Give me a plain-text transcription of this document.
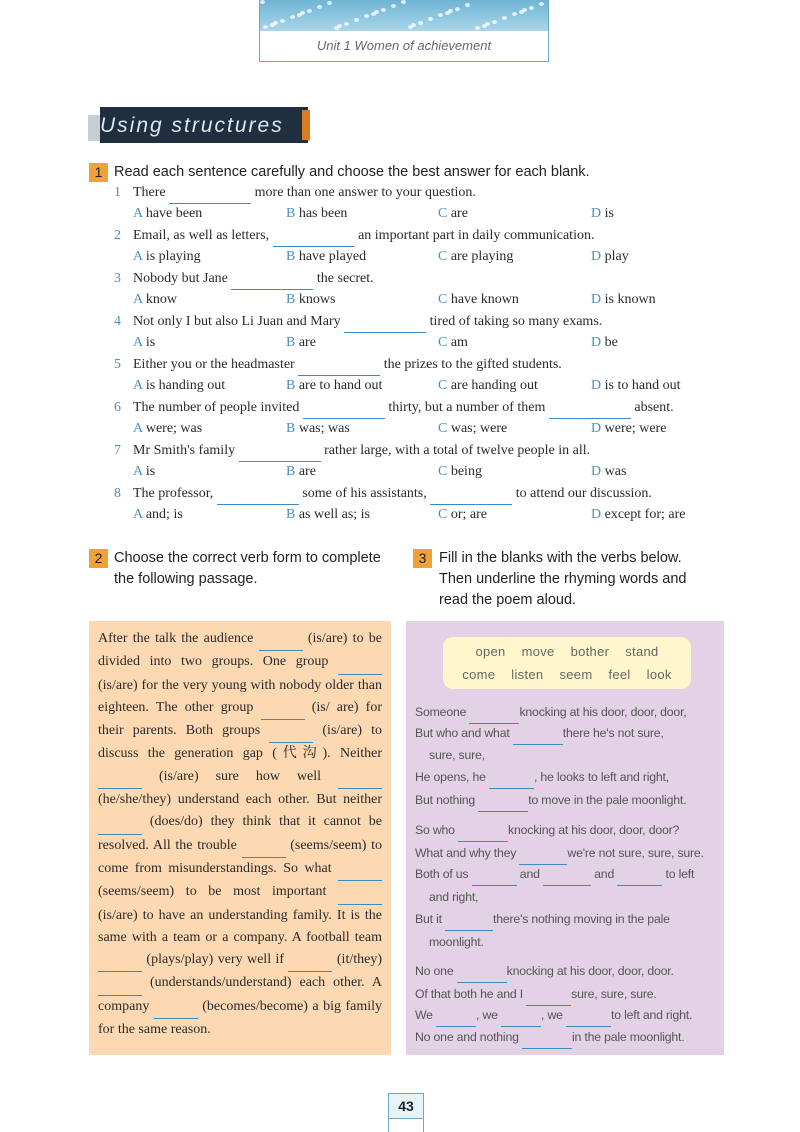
Unit 1 Women of achievement
Using structures
1 Read each sentence carefully and choose the best answer for each blank.
1 There	more than one answer to your question.
A have been	B has been	C are	D is
2 Email, as well as letters,	an important part in daily communication.
A is playing	B have played	C are playing	D play
3 Nobody but Jane	the secret.
A know	B knows	C have known	D is known
4 Not only I but also Li Juan and Mary	tired of taking so many exams.
A is	B are	C am	D be
5 Either you or the headmaster	the prizes to the gifted students.
A is handing out	B are to hand out	C are handing out	D is to hand out
6 The number of people invited	thirty, but a number of them	absent.
A were; was	B was; was	C was; were	D were; were
7 Mr Smith's family	rather large, with a total of twelve people in all.
A is	B are	C being	D was
8 The professor,	some of his assistants,	to attend our discussion.
A and; is	B as well as; is	C or; are	D except for; are
2 Choose the correct verb form to complete
the following passage.
After the talk the audience	(is/are) to be divided into two groups. One group   (is/are) for the very young with nobody older than eighteen. The other group	(is/ are) for their parents. Both groups	(is/are) to discuss the generation gap (代沟). Neither   (is/are) sure how well   (he/she/they) understand each other. But neither   (does/do) they think that it cannot be resolved. All the trouble	(seems/seem) to come from misunderstandings. So what   (seems/seem) to be most important   (is/are) to have an understanding family. It is the same with a team or a company. A football team   (plays/play) very well if	(it/they)   (understands/understand) each other. A company	(becomes/become) a big family for the same reason.
3 Fill in the blanks with the verbs below.
Then underline the rhyming words and
read the poem aloud.
open move bother stand
come listen seem feel look
Someone	knocking at his door, door, door,
But who and what	there he's not sure,
sure, sure,
He opens, he	, he looks to left and right,
But nothing	to move in the pale moonlight.
So who	knocking at his door, door, door?
What and why they	we're not sure, sure, sure.
Both of us	and	and	to left
and right,
But it	there's nothing moving in the pale
moonlight.
No one	knocking at his door, door, door.
Of that both he and I	sure, sure, sure.
We	, we	, we	to left and right.
No one and nothing	in the pale moonlight.
43
